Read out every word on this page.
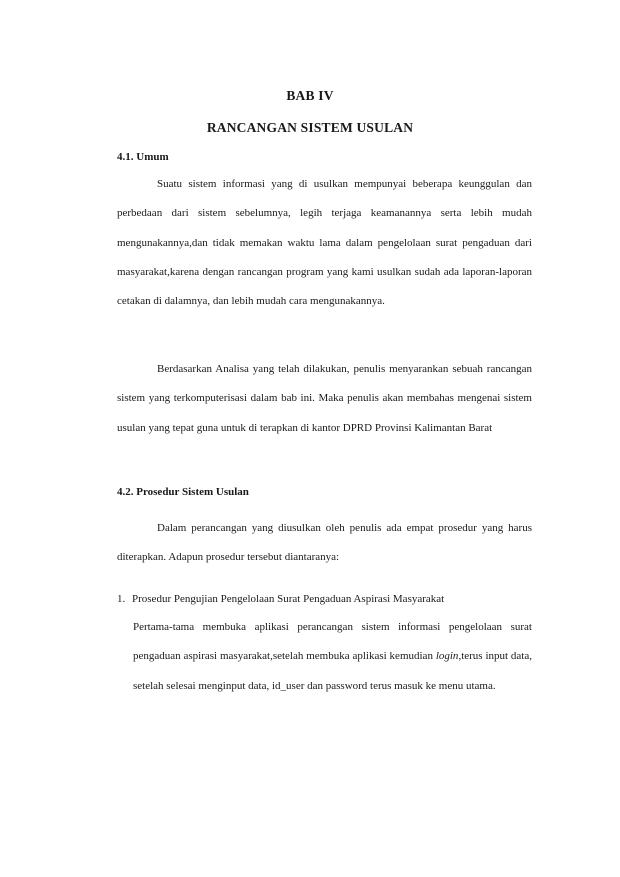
BAB IV
RANCANGAN SISTEM USULAN
4.1. Umum

Suatu sistem informasi yang di usulkan mempunyai beberapa keunggulan dan perbedaan dari sistem sebelumnya, legih terjaga keamanannya serta lebih mudah mengunakannya,dan tidak memakan waktu lama dalam pengelolaan surat pengaduan dari masyarakat,karena dengan rancangan program yang kami usulkan sudah ada laporan-laporan cetakan di dalamnya, dan lebih mudah cara mengunakannya.

Berdasarkan Analisa yang telah dilakukan, penulis menyarankan sebuah rancangan sistem yang terkomputerisasi dalam bab ini. Maka penulis akan membahas mengenai sistem usulan yang tepat guna untuk di terapkan di kantor DPRD Provinsi Kalimantan Barat

4.2. Prosedur Sistem Usulan

Dalam perancangan yang diusulkan oleh penulis ada empat prosedur yang harus diterapkan. Adapun prosedur tersebut diantaranya:

1. Prosedur Pengujian Pengelolaan Surat Pengaduan Aspirasi Masyarakat

Pertama-tama membuka aplikasi perancangan sistem informasi pengelolaan surat pengaduan aspirasi masyarakat,setelah membuka aplikasi kemudian login,terus input data, setelah selesai menginput data, id_user dan password terus masuk ke menu utama.
